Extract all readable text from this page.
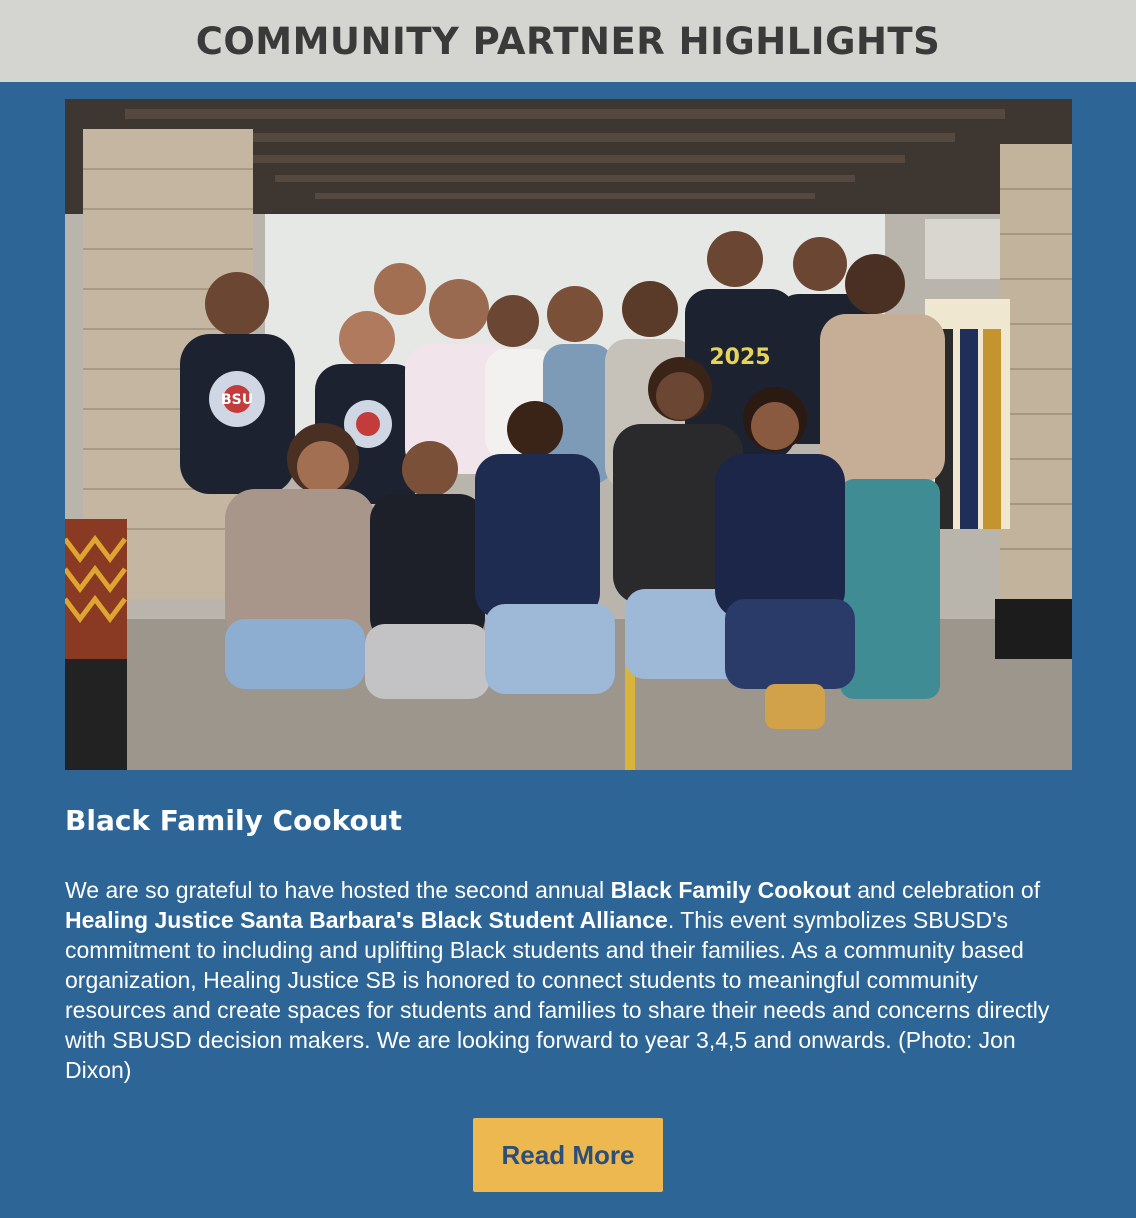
COMMUNITY PARTNER HIGHLIGHTS
2025
BSU
Black Family Cookout

We are so grateful to have hosted the second annual Black Family Cookout and celebration of Healing Justice Santa Barbara's Black Student Alliance. This event symbolizes SBUSD's commitment to including and uplifting Black students and their families. As a community based organization, Healing Justice SB is honored to connect students to meaningful community resources and create spaces for students and families to share their needs and concerns directly with SBUSD decision makers. We are looking forward to year 3,4,5 and onwards. (Photo: Jon Dixon)

Read More
